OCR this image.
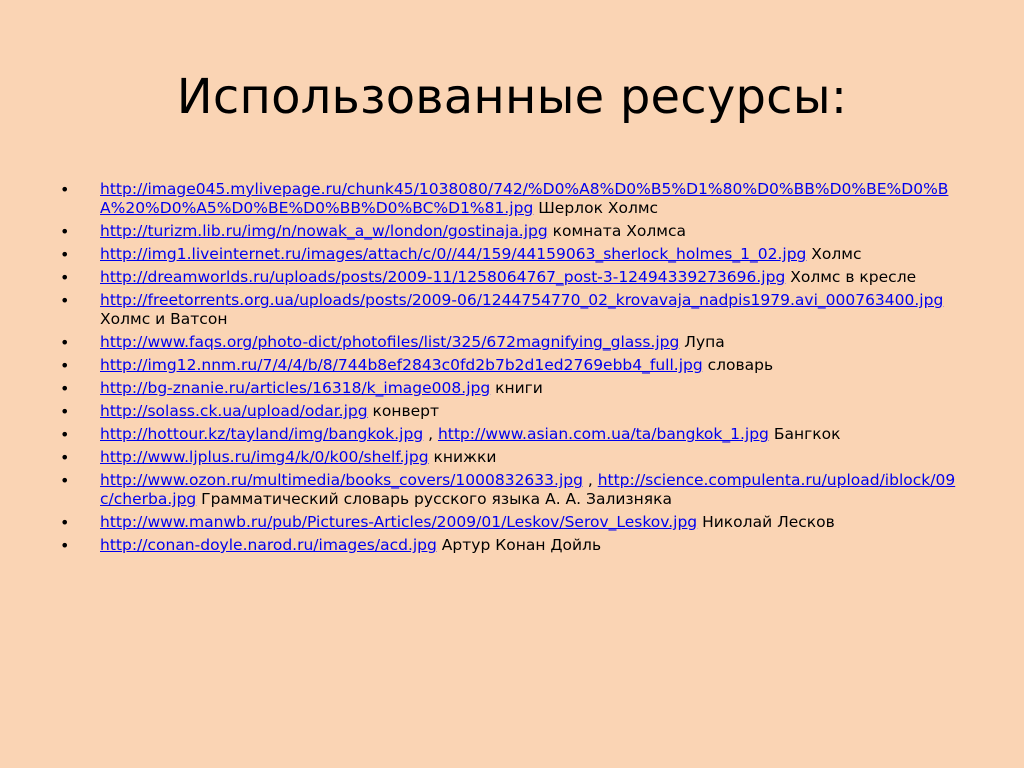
Использованные ресурсы:
• http://image045.mylivepage.ru/chunk45/1038080/742/%D0%A8%D0%B5%D1%80%D0%BB%D0%BE%D0%BA%20%D0%A5%D0%BE%D0%BB%D0%BC%D1%81.jpg Шерлок Холмс
• http://turizm.lib.ru/img/n/nowak_a_w/london/gostinaja.jpg комната Холмса
• http://img1.liveinternet.ru/images/attach/c/0//44/159/44159063_sherlock_holmes_1_02.jpg Холмс
• http://dreamworlds.ru/uploads/posts/2009-11/1258064767_post-3-12494339273696.jpg Холмс в кресле
• http://freetorrents.org.ua/uploads/posts/2009-06/1244754770_02_krovavaja_nadpis1979.avi_000763400.jpg Холмс и Ватсон
• http://www.faqs.org/photo-dict/photofiles/list/325/672magnifying_glass.jpg Лупа
• http://img12.nnm.ru/7/4/4/b/8/744b8ef2843c0fd2b7b2d1ed2769ebb4_full.jpg словарь
• http://bg-znanie.ru/articles/16318/k_image008.jpg книги
• http://solass.ck.ua/upload/odar.jpg конверт
• http://hottour.kz/tayland/img/bangkok.jpg , http://www.asian.com.ua/ta/bangkok_1.jpg Бангкок
• http://www.ljplus.ru/img4/k/0/k00/shelf.jpg книжки
• http://www.ozon.ru/multimedia/books_covers/1000832633.jpg , http://science.compulenta.ru/upload/iblock/09c/cherba.jpg Грамматический словарь русского языка А. А. Зализняка
• http://www.manwb.ru/pub/Pictures-Articles/2009/01/Leskov/Serov_Leskov.jpg Николай Лесков
• http://conan-doyle.narod.ru/images/acd.jpg Артур Конан Дойль
